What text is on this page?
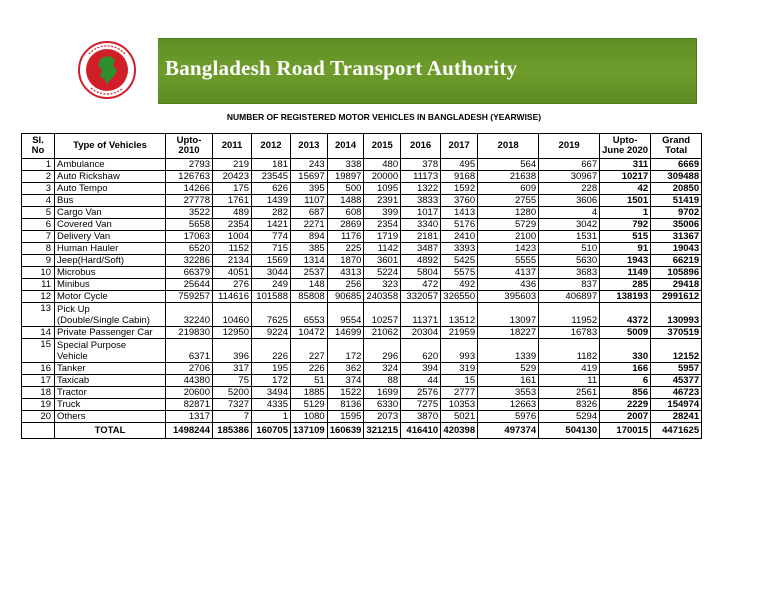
Bangladesh Road Transport Authority
NUMBER OF REGISTERED MOTOR VEHICLES IN BANGLADESH (YEARWISE)
Sl.
No	Type of Vehicles	Upto-
2010	2011	2012	2013	2014	2015	2016	2017	2018	2019	Upto-
June 2020	Grand
Total
1	Ambulance	2793	219	181	243	338	480	378	495	564	667	311	6669
2	Auto Rickshaw	126763	20423	23545	15697	19897	20000	11173	9168	21638	30967	10217	309488
3	Auto Tempo	14266	175	626	395	500	1095	1322	1592	609	228	42	20850
4	Bus	27778	1761	1439	1107	1488	2391	3833	3760	2755	3606	1501	51419
5	Cargo Van	3522	489	282	687	608	399	1017	1413	1280	4	1	9702
6	Covered Van	5658	2354	1421	2271	2869	2354	3340	5176	5729	3042	792	35006
7	Delivery Van	17063	1004	774	894	1176	1719	2181	2410	2100	1531	515	31367
8	Human Hauler	6520	1152	715	385	225	1142	3487	3393	1423	510	91	19043
9	Jeep(Hard/Soft)	32286	2134	1569	1314	1870	3601	4892	5425	5555	5630	1943	66219
10	Microbus	66379	4051	3044	2537	4313	5224	5804	5575	4137	3683	1149	105896
11	Minibus	25644	276	249	148	256	323	472	492	436	837	285	29418
12	Motor Cycle	759257	114616	101588	85808	90685	240358	332057	326550	395603	406897	138193	2991612
13	Pick Up
(Double/Single Cabin)	32240	10460	7625	6553	9554	10257	11371	13512	13097	11952	4372	130993
14	Private Passenger Car	219830	12950	9224	10472	14699	21062	20304	21959	18227	16783	5009	370519
15	Special Purpose
Vehicle	6371	396	226	227	172	296	620	993	1339	1182	330	12152
16	Tanker	2706	317	195	226	362	324	394	319	529	419	166	5957
17	Taxicab	44380	75	172	51	374	88	44	15	161	11	6	45377
18	Tractor	20600	5200	3494	1885	1522	1699	2576	2777	3553	2561	856	46723
19	Truck	82871	7327	4335	5129	8136	6330	7275	10353	12663	8326	2229	154974
20	Others	1317	7	1	1080	1595	2073	3870	5021	5976	5294	2007	28241
	TOTAL	1498244	185386	160705	137109	160639	321215	416410	420398	497374	504130	170015	4471625
